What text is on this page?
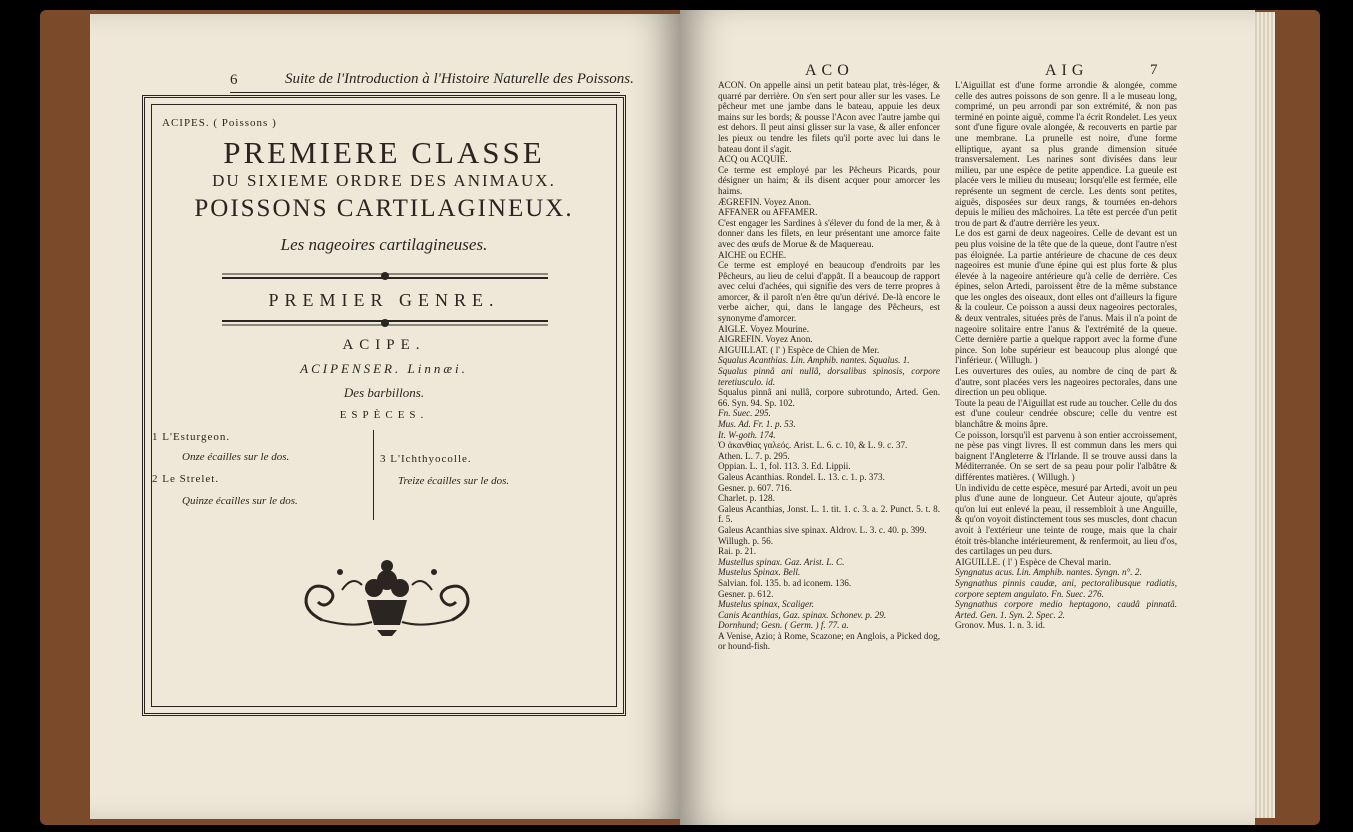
6	Suite de l'Introduction à l'Histoire Naturelle des Poissons.
ACIPES. ( Poissons )
PREMIERE CLASSE
DU SIXIEME ORDRE DES ANIMAUX.
POISSONS CARTILAGINEUX.
Les nageoires cartilagineuses.
PREMIER GENRE.
ACIPE.
ACIPENSER. Linnæi.
Des barbillons.
ESPÈCES.
1 L'Esturgeon.
Onze écailles sur le dos.
2 Le Strelet.
Quinze écailles sur le dos.
3 L'Ichthyocolle.
Treize écailles sur le dos.
ACO	AIG	7

ACON. On appelle ainsi un petit bateau plat, très-léger, & quarré par derrière. On s'en sert pour aller sur les vases. Le pêcheur met une jambe dans le bateau, appuie les deux mains sur les bords; & pousse l'Acon avec l'autre jambe qui est dehors. Il peut ainsi glisser sur la vase, & aller enfoncer les pieux ou tendre les filets qu'il porte avec lui dans le bateau dont il s'agit.

ACQ ou ACQUIE.

Ce terme est employé par les Pêcheurs Picards, pour désigner un haim; & ils disent acquer pour amorcer les haims.

ÆGREFIN. Voyez Anon.

AFFANER ou AFFAMER.

C'est engager les Sardines à s'élever du fond de la mer, & à donner dans les filets, en leur présentant une amorce faite avec des œufs de Morue & de Maquereau.

AICHE ou ECHE.

Ce terme est employé en beaucoup d'endroits par les Pêcheurs, au lieu de celui d'appât. Il a beaucoup de rapport avec celui d'achées, qui signifie des vers de terre propres à amorcer, & il paroît n'en être qu'un dérivé. De-là encore le verbe aicher, qui, dans le langage des Pêcheurs, est synonyme d'amorcer.

AIGLE. Voyez Mourine.

AIGREFIN. Voyez Anon.

AIGUILLAT. ( l' ) Espèce de Chien de Mer.

Squalus Acanthias. Lin. Amphib. nantes. Squalus. 1.

Squalus pinnâ ani nullâ, dorsalibus spinosis, corpore teretiusculo. id.

Squalus pinnâ ani nullâ, corpore subrotundo, Arted. Gen. 66. Syn. 94. Sp. 102.

Fn. Suec. 295.

Mus. Ad. Fr. 1. p. 53.

It. W-goth. 174.

Ὁ ἀκανθίας γαλεός. Arist. L. 6. c. 10, & L. 9. c. 37.

Athen. L. 7. p. 295.

Oppian. L. 1, fol. 113. 3. Ed. Lippii.

Galeus Acanthias. Rondel. L. 13. c. 1. p. 373.

Gesner. p. 607. 716.

Charlet. p. 128.

Galeus Acanthias, Jonst. L. 1. tit. 1. c. 3. a. 2. Punct. 5. t. 8. f. 5.

Galeus Acanthias sive spinax. Aldrov. L. 3. c. 40. p. 399.

Willugh. p. 56.

Rai. p. 21.

Mustellus spinax. Gaz. Arist. L. C.

Mustelus Spinax. Bell.

Salvian. fol. 135. b. ad iconem. 136.

Gesner. p. 612.

Mustelus spinax, Scaliger.

Canis Acanthias, Gaz. spinax. Schonev. p. 29.

Dornhund; Gesn. ( Germ. ) f. 77. a.

A Venise, Azio; à Rome, Scazone; en Anglois, a Picked dog, or hound-fish.

L'Aiguillat est d'une forme arrondie & alongée, comme celle des autres poissons de son genre. Il a le museau long, comprimé, un peu arrondi par son extrémité, & non pas terminé en pointe aiguë, comme l'a écrit Rondelet. Les yeux sont d'une figure ovale alongée, & recouverts en partie par une membrane. La prunelle est noire, d'une forme elliptique, ayant sa plus grande dimension située transversalement. Les narines sont divisées dans leur milieu, par une espèce de petite appendice. La gueule est placée vers le milieu du museau; lorsqu'elle est fermée, elle représente un segment de cercle. Les dents sont petites, aiguës, disposées sur deux rangs, & tournées en-dehors depuis le milieu des mâchoires. La tête est percée d'un petit trou de part & d'autre derrière les yeux.

Le dos est garni de deux nageoires. Celle de devant est un peu plus voisine de la tête que de la queue, dont l'autre n'est pas éloignée. La partie antérieure de chacune de ces deux nageoires est munie d'une épine qui est plus forte & plus élevée à la nageoire antérieure qu'à celle de derrière. Ces épines, selon Artedi, paroissent être de la même substance que les ongles des oiseaux, dont elles ont d'ailleurs la figure & la couleur. Ce poisson a aussi deux nageoires pectorales, & deux ventrales, situées près de l'anus. Mais il n'a point de nageoire solitaire entre l'anus & l'extrémité de la queue. Cette dernière partie a quelque rapport avec la forme d'une pince. Son lobe supérieur est beaucoup plus alongé que l'inférieur. ( Willugh. )

Les ouvertures des ouïes, au nombre de cinq de part & d'autre, sont placées vers les nageoires pectorales, dans une direction un peu oblique.

Toute la peau de l'Aiguillat est rude au toucher. Celle du dos est d'une couleur cendrée obscure; celle du ventre est blanchâtre & moins âpre.

Ce poisson, lorsqu'il est parvenu à son entier accroissement, ne pèse pas vingt livres. Il est commun dans les mers qui baignent l'Angleterre & l'Irlande. Il se trouve aussi dans la Méditerranée. On se sert de sa peau pour polir l'albâtre & différentes matières. ( Willugh. )

Un individu de cette espèce, mesuré par Artedi, avoit un peu plus d'une aune de longueur. Cet Auteur ajoute, qu'après qu'on lui eut enlevé la peau, il ressembloit à une Anguille, & qu'on voyoit distinctement tous ses muscles, dont chacun avoit à l'extérieur une teinte de rouge, mais que la chair étoit très-blanche intérieurement, & renfermoit, au lieu d'os, des cartilages un peu durs.

AIGUILLE. ( l' ) Espèce de Cheval marin.

Syngnatus acus. Lin. Amphib. nantes. Syngn. n°. 2.

Syngnathus pinnis caudæ, ani, pectoralibusque radiatis, corpore septem angulato. Fn. Suec. 276.

Syngnathus corpore medio heptagono, caudâ pinnatâ. Arted. Gen. 1. Syn. 2. Spec. 2.

Gronov. Mus. 1. n. 3. id.
